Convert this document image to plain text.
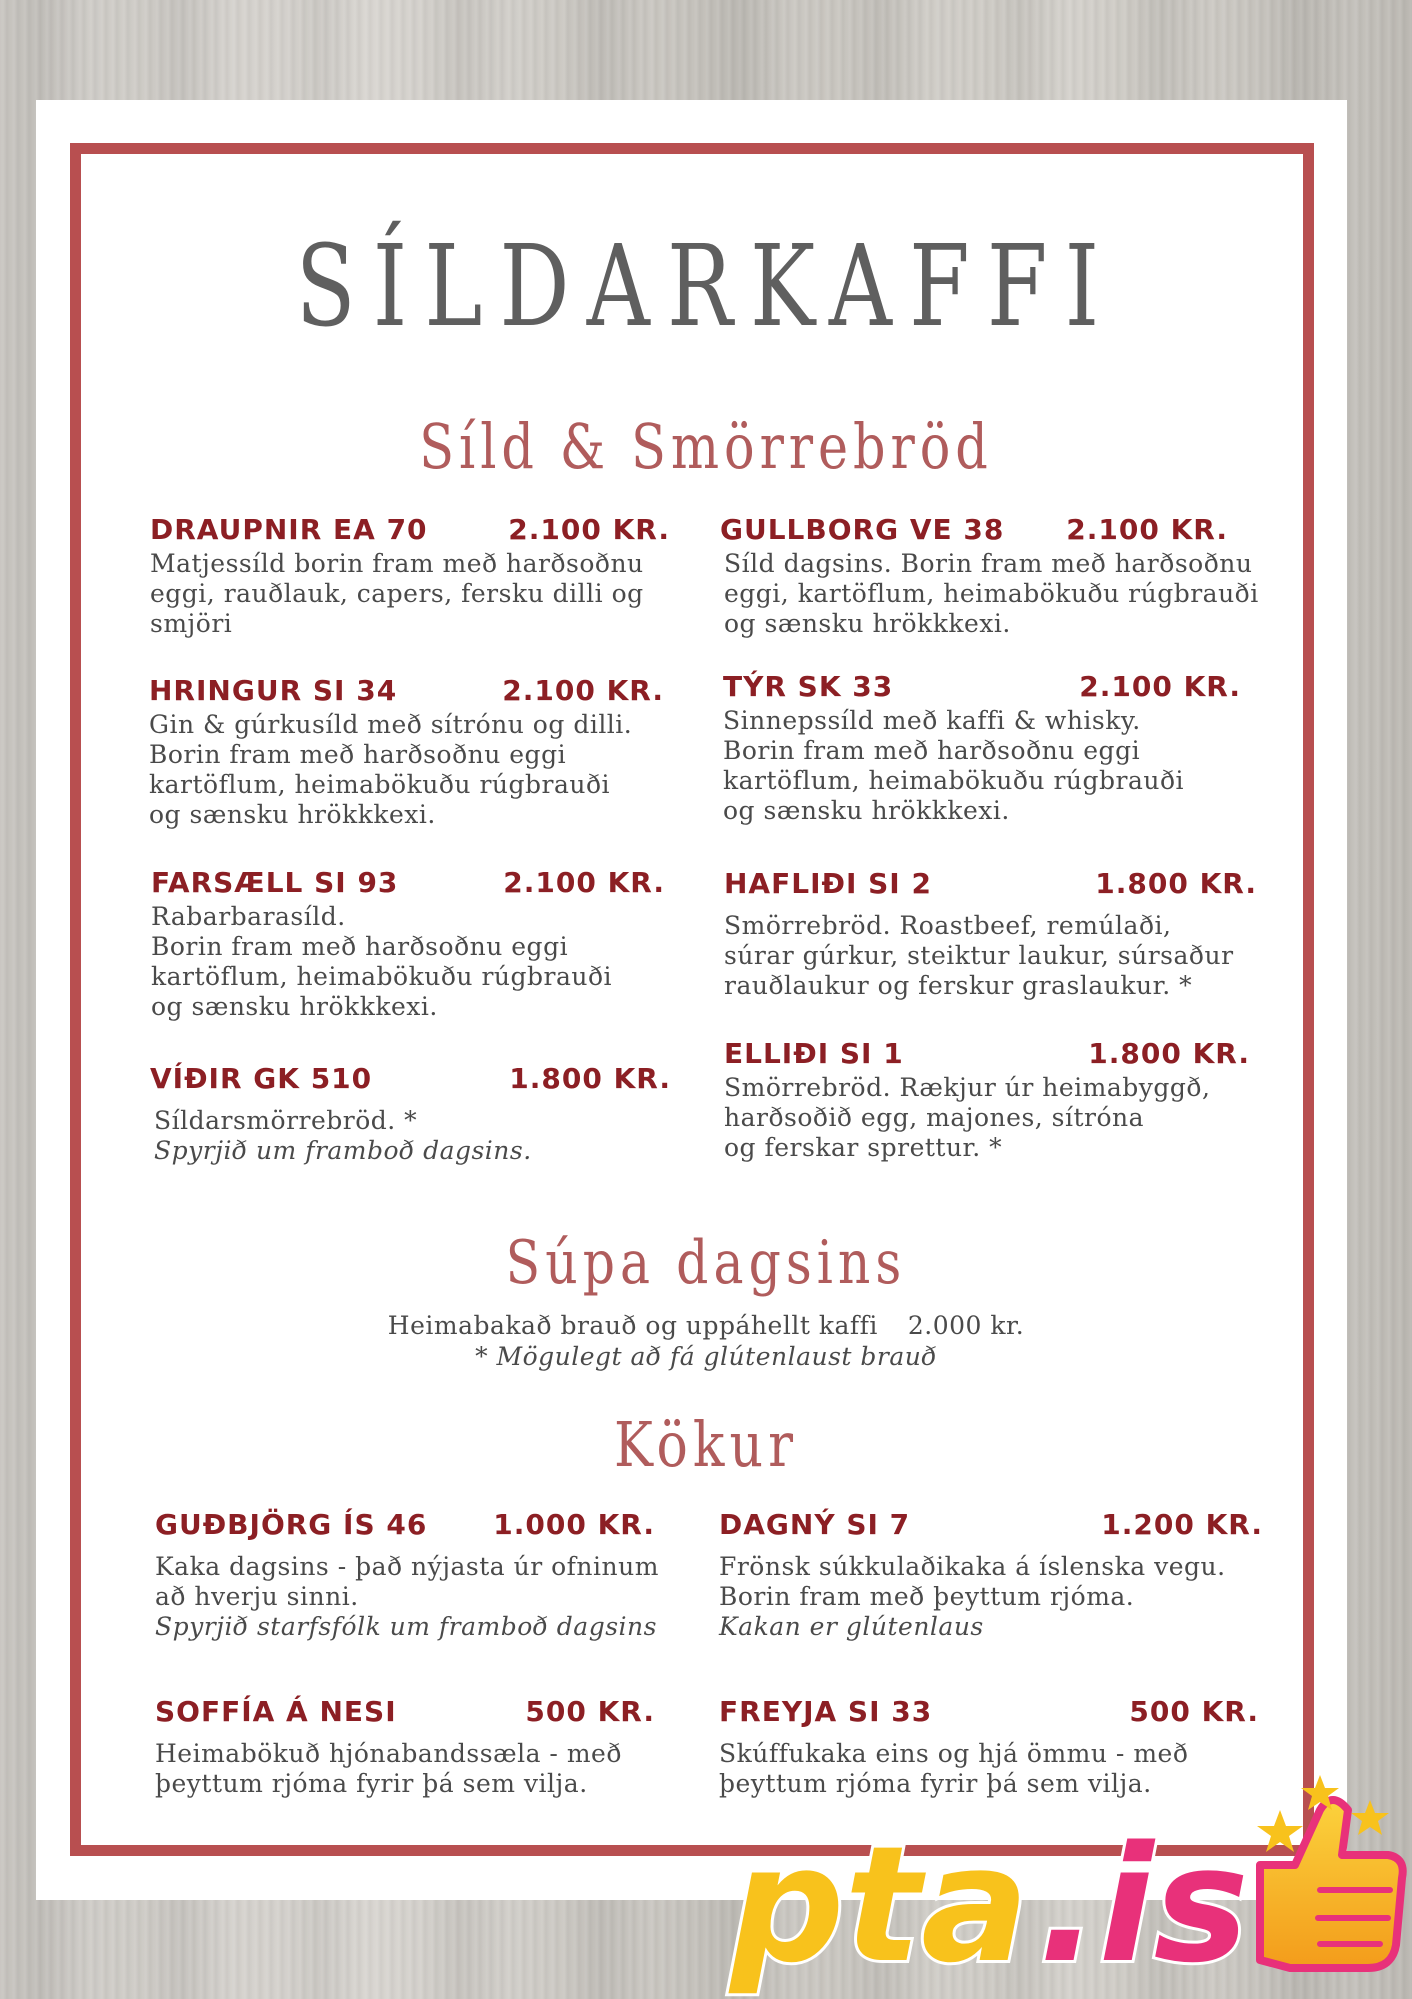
SÍLDARKAFFI
Síld & Smörrebröd
DRAUPNIR EA 70	2.100 KR.
Matjessíld borin fram með harðsoðnu
eggi, rauðlauk, capers, fersku dilli og
smjöri
GULLBORG VE 38 2.100 KR.
Síld dagsins. Borin fram með harðsoðnu
eggi, kartöflum, heimabökuðu rúgbrauði
og sænsku hrökkkexi.
HRINGUR SI 34	2.100 KR.
Gin & gúrkusíld með sítrónu og dilli.
Borin fram með harðsoðnu eggi
kartöflum, heimabökuðu rúgbrauði
og sænsku hrökkkexi.
TÝR SK 33	2.100 KR.
Sinnepssíld með kaffi & whisky.
Borin fram með harðsoðnu eggi
kartöflum, heimabökuðu rúgbrauði
og sænsku hrökkkexi.
FARSÆLL SI 93	2.100 KR.
Rabarbarasíld.
Borin fram með harðsoðnu eggi
kartöflum, heimabökuðu rúgbrauði
og sænsku hrökkkexi.
HAFLIÐI SI 2	1.800 KR.
Smörrebröd. Roastbeef, remúlaði,
súrar gúrkur, steiktur laukur, súrsaður
rauðlaukur og ferskur graslaukur. *
VÍÐIR GK 510	1.800 KR.
Síldarsmörrebröd. *
Spyrjið um framboð dagsins.
ELLIÐI SI 1	1.800 KR.
Smörrebröd. Rækjur úr heimabyggð,
harðsoðið egg, majones, sítróna
og ferskar sprettur. *
Súpa dagsins
Heimabakað brauð og uppáhellt kaffi 2.000 kr.
* Mögulegt að fá glútenlaust brauð
Kökur
GUÐBJÖRG ÍS 46 1.000 KR.
Kaka dagsins - það nýjasta úr ofninum
að hverju sinni.
Spyrjið starfsfólk um framboð dagsins
DAGNÝ SI 7	1.200 KR.
Frönsk súkkulaðikaka á íslenska vegu.
Borin fram með þeyttum rjóma.
Kakan er glútenlaus
SOFFÍA Á NESI	500 KR.
Heimabökuð hjónabandssæla - með
þeyttum rjóma fyrir þá sem vilja.
FREYJA SI 33	500 KR.
Skúffukaka eins og hjá ömmu - með
þeyttum rjóma fyrir þá sem vilja.
pta .is
